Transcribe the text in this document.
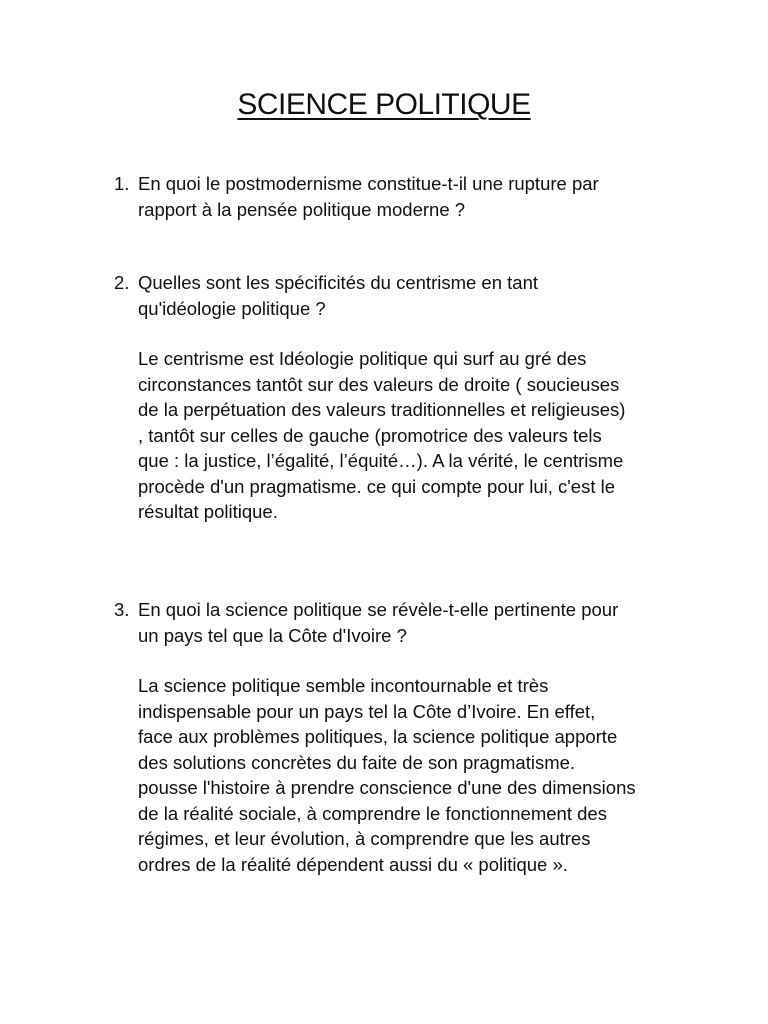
SCIENCE POLITIQUE
1. En quoi le postmodernisme constitue-t-il une rupture par
rapport à la pensée politique moderne ?
2. Quelles sont les spécificités du centrisme en tant
qu'idéologie politique ?
Le centrisme est Idéologie politique qui surf au gré des
circonstances tantôt sur des valeurs de droite ( soucieuses
de la perpétuation des valeurs traditionnelles et religieuses)
, tantôt sur celles de gauche (promotrice des valeurs tels
que : la justice, l’égalité, l’équité…). A la vérité, le centrisme
procède d'un pragmatisme. ce qui compte pour lui, c'est le
résultat politique.
3. En quoi la science politique se révèle-t-elle pertinente pour
un pays tel que la Côte d'Ivoire ?
La science politique semble incontournable et très
indispensable pour un pays tel la Côte d’Ivoire. En effet,
face aux problèmes politiques, la science politique apporte
des solutions concrètes du faite de son pragmatisme.
pousse l'histoire à prendre conscience d'une des dimensions
de la réalité sociale, à comprendre le fonctionnement des
régimes, et leur évolution, à comprendre que les autres
ordres de la réalité dépendent aussi du « politique ».
